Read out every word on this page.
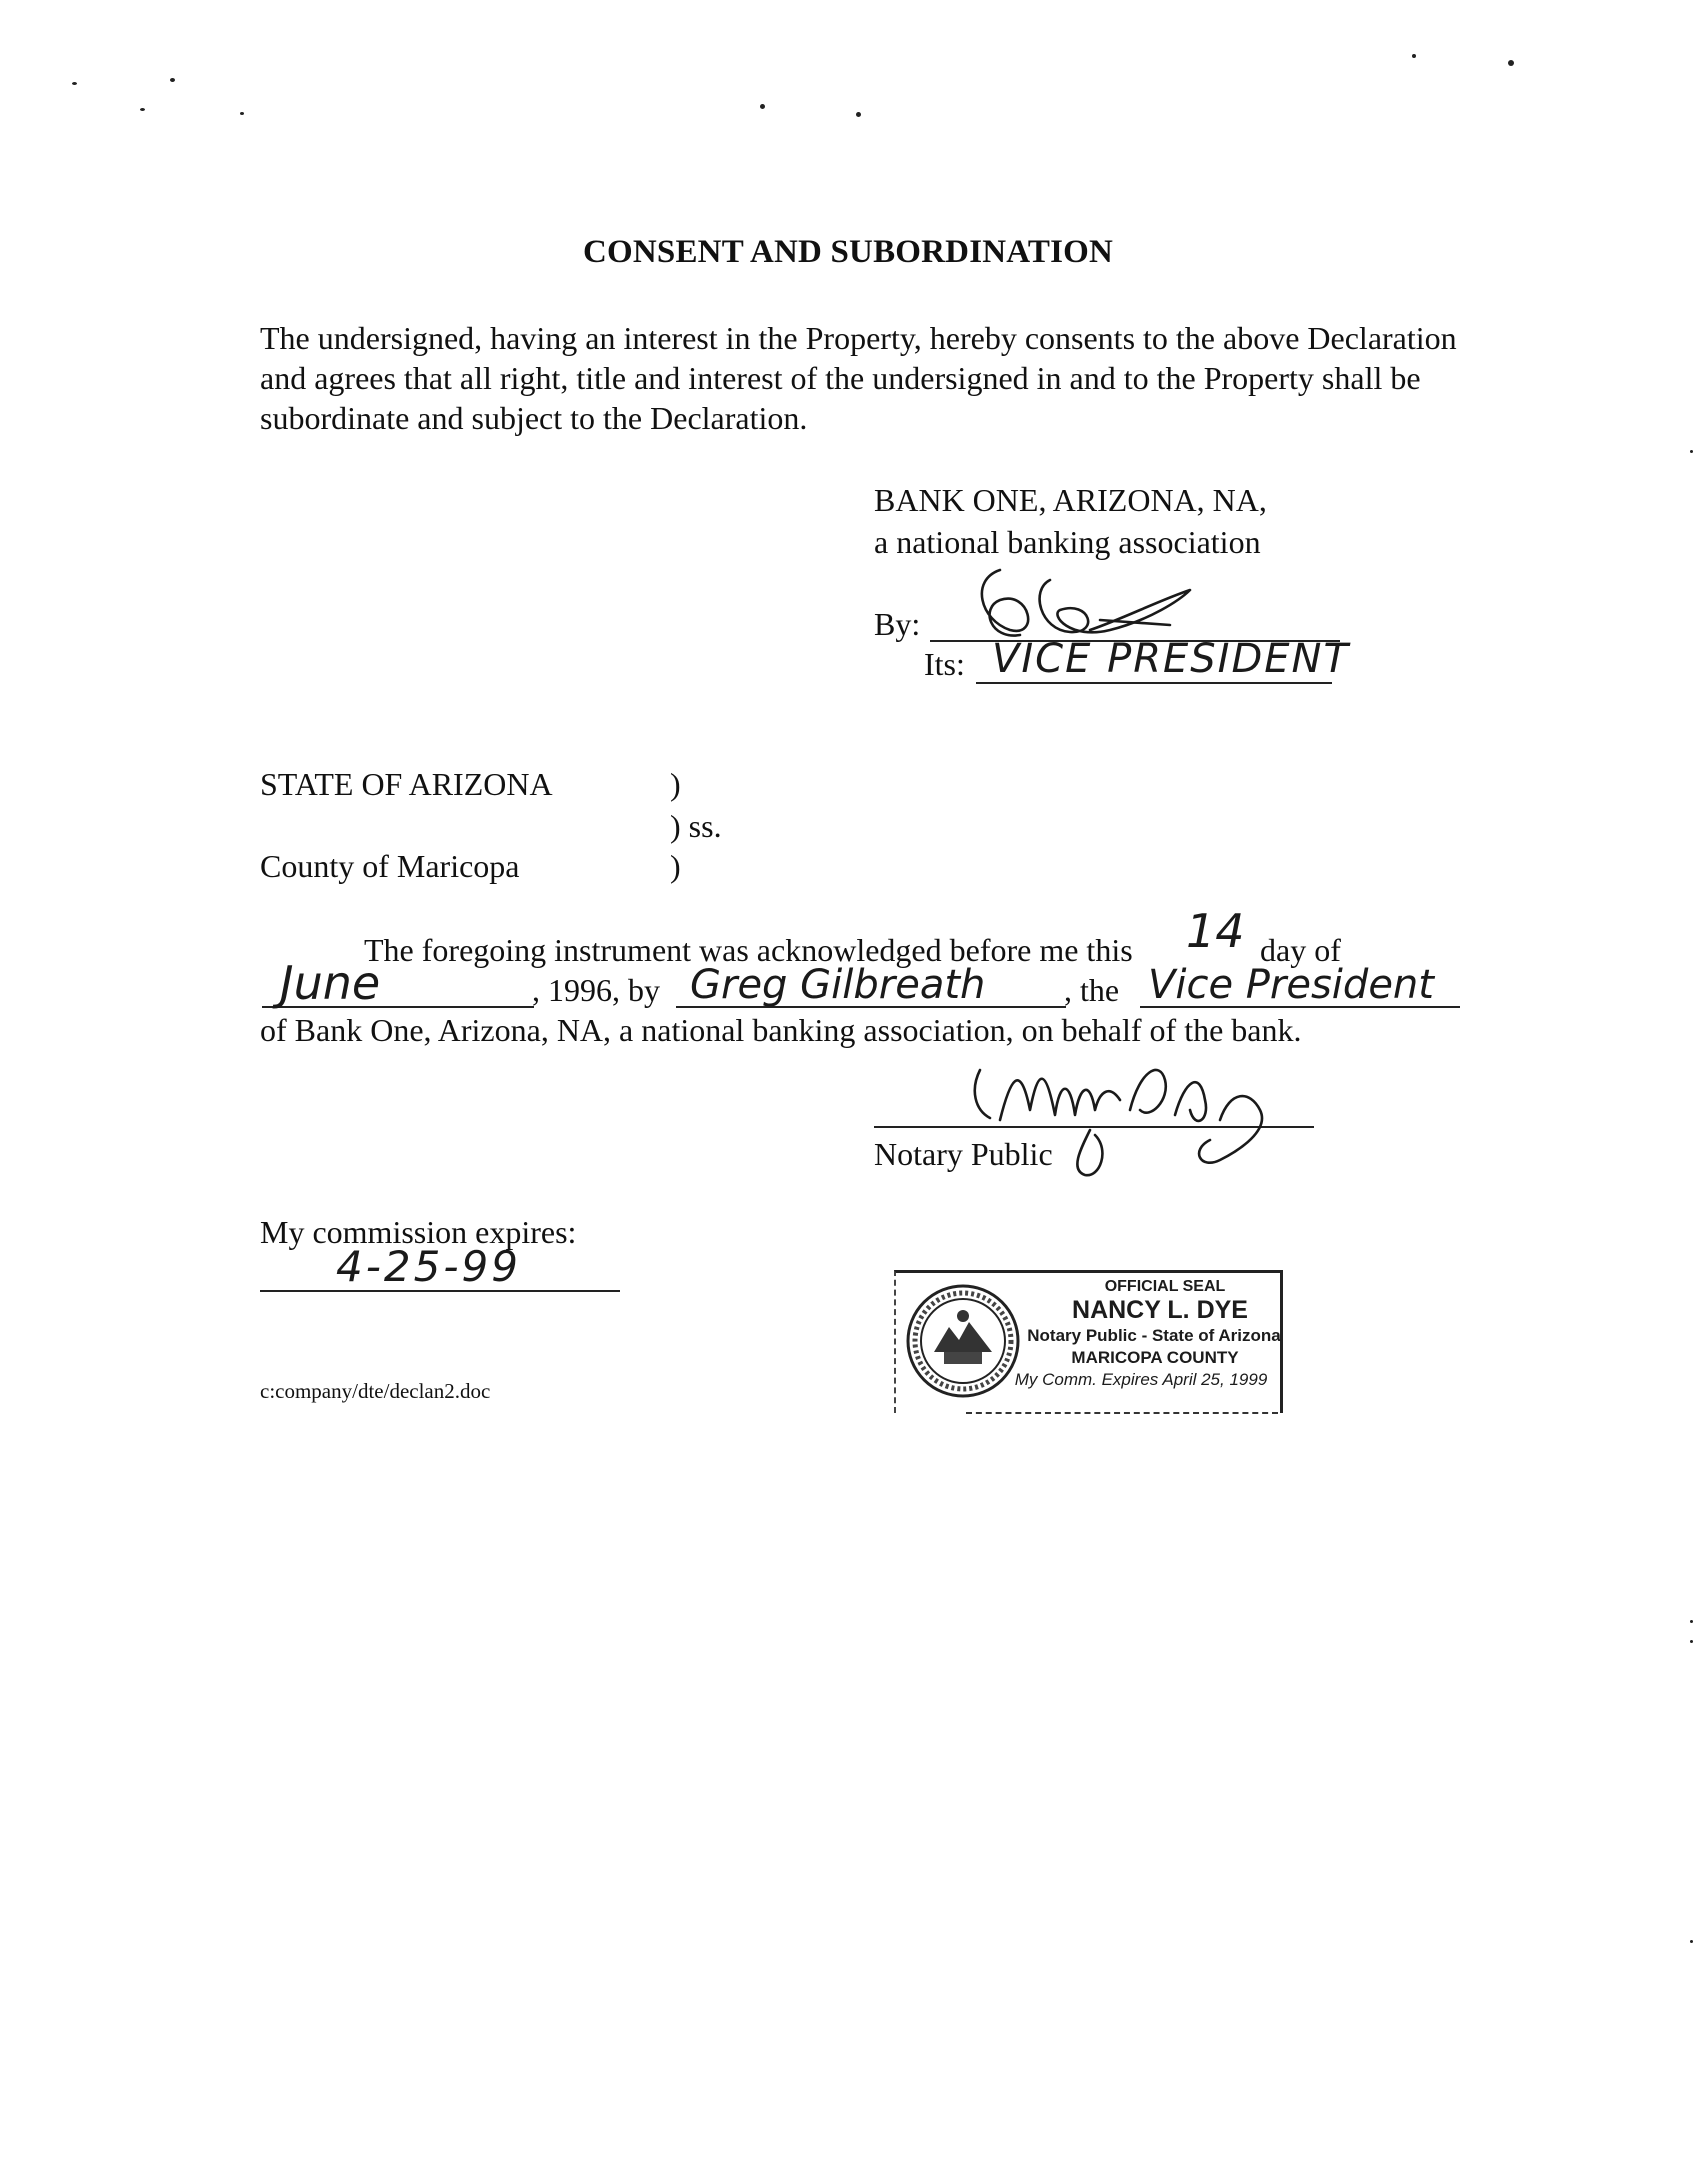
CONSENT AND SUBORDINATION
The undersigned, having an interest in the Property, hereby consents to the above Declaration and agrees that all right, title and interest of the undersigned in and to the Property shall be subordinate and subject to the Declaration.
BANK ONE, ARIZONA, NA,
a national banking association
By:
Its: VICE PRESIDENT
STATE OF ARIZONA	)
) ss.
County of Maricopa	)
The foregoing instrument was acknowledged before me this 14 day of
June	, 1996, by Greg Gilbreath , the Vice President
of Bank One, Arizona, NA, a national banking association, on behalf of the bank.
Notary Public
My commission expires:
4-25-99
c:company/dte/declan2.doc
OFFICIAL SEAL
NANCY L. DYE
Notary Public - State of Arizona
MARICOPA COUNTY
My Comm. Expires April 25, 1999
